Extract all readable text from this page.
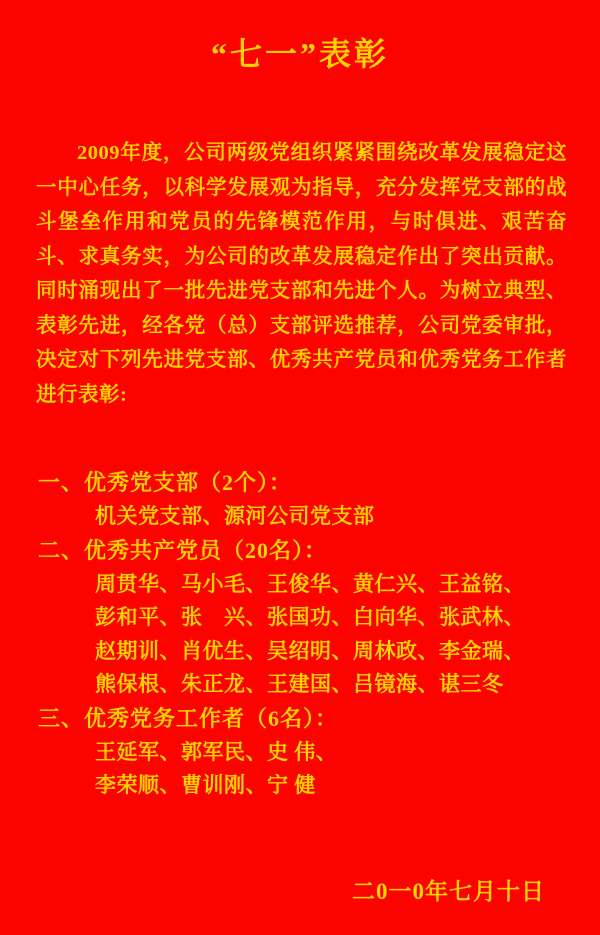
“七一”表彰

2009年度，公司两级党组织紧紧围绕改革发展稳定这一中心任务，以科学发展观为指导，充分发挥党支部的战斗堡垒作用和党员的先锋模范作用，与时俱进、艰苦奋斗、求真务实，为公司的改革发展稳定作出了突出贡献。同时涌现出了一批先进党支部和先进个人。为树立典型、表彰先进，经各党（总）支部评选推荐，公司党委审批，决定对下列先进党支部、优秀共产党员和优秀党务工作者进行表彰:

一、优秀党支部（2个）：
机关党支部、源河公司党支部
二、优秀共产党员（20名）：
周贯华、马小毛、王俊华、黄仁兴、王益铭、
彭和平、张　兴、张国功、白向华、张武林、
赵期训、肖优生、吴绍明、周林政、李金瑞、
熊保根、朱正龙、王建国、吕镜海、谌三冬
三、优秀党务工作者（6名）：
王延军、郭军民、史 伟、
李荣顺、曹训刚、宁 健
二0一0年七月十日
